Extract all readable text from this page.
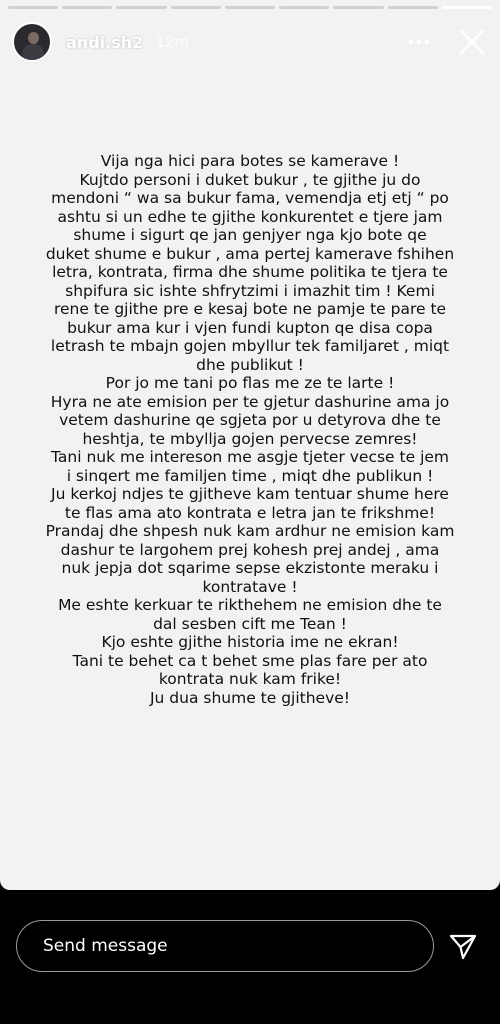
andi.sh2 12m
Vija nga hici para botes se kamerave !
Kujtdo personi i duket bukur , te gjithe ju do
mendoni “ wa sa bukur fama, vemendja etj etj “ po
ashtu si un edhe te gjithe konkurentet e tjere jam
shume i sigurt qe jan genjyer nga kjo bote qe
duket shume e bukur , ama pertej kamerave fshihen
letra, kontrata, firma dhe shume politika te tjera te
shpifura sic ishte shfrytzimi i imazhit tim ! Kemi
rene te gjithe pre e kesaj bote ne pamje te pare te
bukur ama kur i vjen fundi kupton qe disa copa
letrash te mbajn gojen mbyllur tek familjaret , miqt
dhe publikut !
Por jo me tani po flas me ze te larte !
Hyra ne ate emision per te gjetur dashurine ama jo
vetem dashurine qe sgjeta por u detyrova dhe te
heshtja, te mbyllja gojen pervecse zemres!
Tani nuk me intereson me asgje tjeter vecse te jem
i sinqert me familjen time , miqt dhe publikun !
Ju kerkoj ndjes te gjitheve kam tentuar shume here
te flas ama ato kontrata e letra jan te frikshme!
Prandaj dhe shpesh nuk kam ardhur ne emision kam
dashur te largohem prej kohesh prej andej , ama
nuk jepja dot sqarime sepse ekzistonte meraku i
kontratave !
Me eshte kerkuar te rikthehem ne emision dhe te
dal sesben cift me Tean !
Kjo eshte gjithe historia ime ne ekran!
Tani te behet ca t behet sme plas fare per ato
kontrata nuk kam frike!
Ju dua shume te gjitheve!
Send message
